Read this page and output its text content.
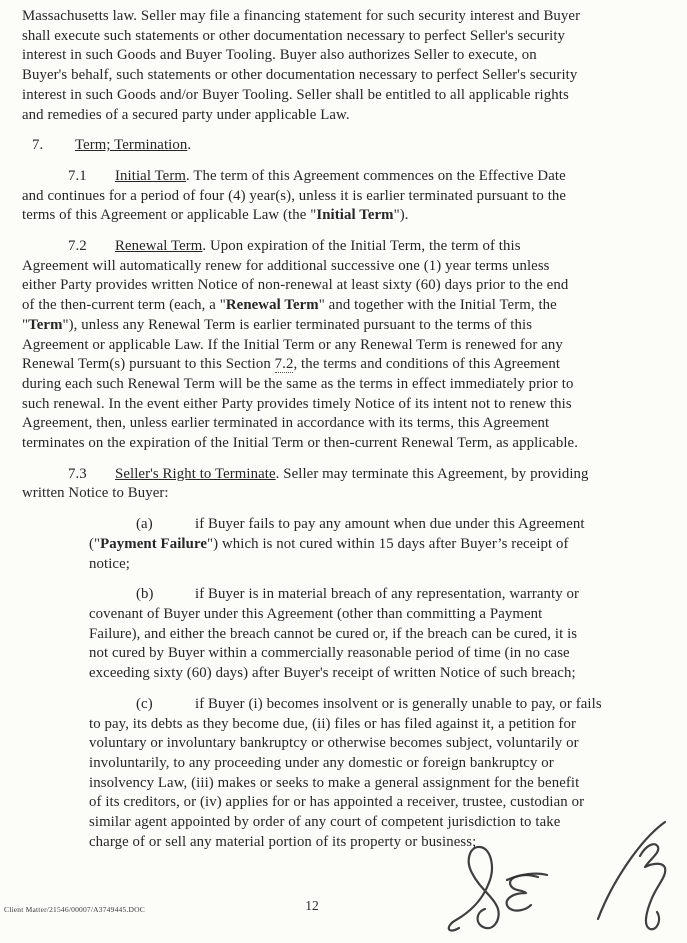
Massachusetts law. Seller may file a financing statement for such security interest and Buyer
shall execute such statements or other documentation necessary to perfect Seller's security
interest in such Goods and Buyer Tooling. Buyer also authorizes Seller to execute, on
Buyer's behalf, such statements or other documentation necessary to perfect Seller's security
interest in such Goods and/or Buyer Tooling. Seller shall be entitled to all applicable rights
and remedies of a secured party under applicable Law.
7. Term; Termination.
7.1 Initial Term. The term of this Agreement commences on the Effective Date
and continues for a period of four (4) year(s), unless it is earlier terminated pursuant to the
terms of this Agreement or applicable Law (the "Initial Term").
7.2 Renewal Term. Upon expiration of the Initial Term, the term of this
Agreement will automatically renew for additional successive one (1) year terms unless
either Party provides written Notice of non-renewal at least sixty (60) days prior to the end
of the then-current term (each, a "Renewal Term" and together with the Initial Term, the
"Term"), unless any Renewal Term is earlier terminated pursuant to the terms of this
Agreement or applicable Law. If the Initial Term or any Renewal Term is renewed for any
Renewal Term(s) pursuant to this Section 7.2, the terms and conditions of this Agreement
during each such Renewal Term will be the same as the terms in effect immediately prior to
such renewal. In the event either Party provides timely Notice of its intent not to renew this
Agreement, then, unless earlier terminated in accordance with its terms, this Agreement
terminates on the expiration of the Initial Term or then-current Renewal Term, as applicable.
7.3 Seller's Right to Terminate. Seller may terminate this Agreement, by providing
written Notice to Buyer:
(a)	if Buyer fails to pay any amount when due under this Agreement
("Payment Failure") which is not cured within 15 days after Buyer’s receipt of
notice;
(b)	if Buyer is in material breach of any representation, warranty or
covenant of Buyer under this Agreement (other than committing a Payment
Failure), and either the breach cannot be cured or, if the breach can be cured, it is
not cured by Buyer within a commercially reasonable period of time (in no case
exceeding sixty (60) days) after Buyer's receipt of written Notice of such breach;
(c)	if Buyer (i) becomes insolvent or is generally unable to pay, or fails
to pay, its debts as they become due, (ii) files or has filed against it, a petition for
voluntary or involuntary bankruptcy or otherwise becomes subject, voluntarily or
involuntarily, to any proceeding under any domestic or foreign bankruptcy or
insolvency Law, (iii) makes or seeks to make a general assignment for the benefit
of its creditors, or (iv) applies for or has appointed a receiver, trustee, custodian or
similar agent appointed by order of any court of competent jurisdiction to take
charge of or sell any material portion of its property or business;
Client Matter/21546/00007/A3749445.DOC	12
